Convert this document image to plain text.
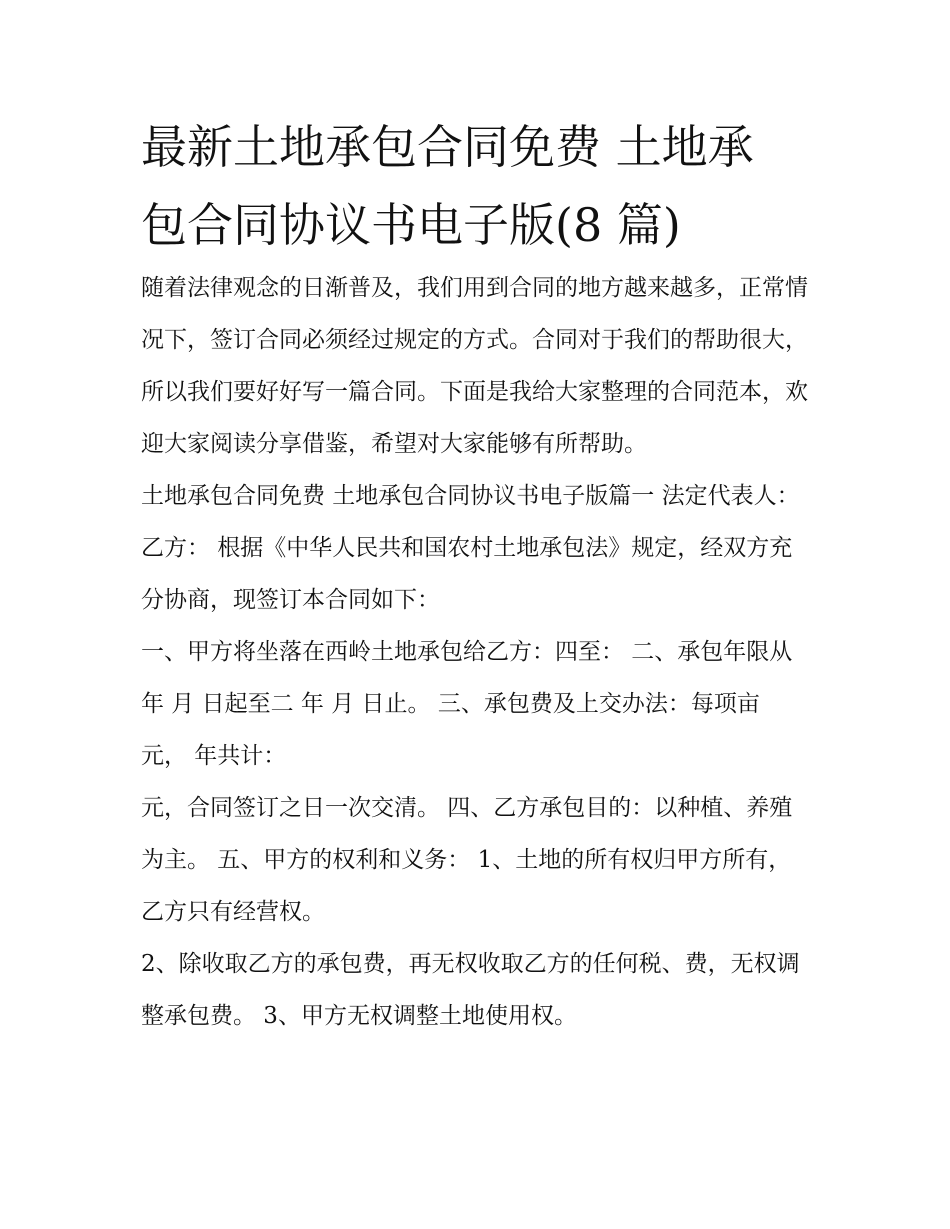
最新土地承包合同免费 土地承
包合同协议书电子版(8 篇)

随着法律观念的日渐普及，我们用到合同的地方越来越多，正常情况下，签订合同必须经过规定的方式。合同对于我们的帮助很大，所以我们要好好写一篇合同。下面是我给大家整理的合同范本，欢迎大家阅读分享借鉴，希望对大家能够有所帮助。

土地承包合同免费 土地承包合同协议书电子版篇一 法定代表人： 乙方： 根据《中华人民共和国农村土地承包法》规定，经双方充分协商，现签订本合同如下：

一、甲方将坐落在西岭土地承包给乙方：四至： 二、承包年限从 年 月 日起至二 年 月 日止。 三、承包费及上交办法：每项亩 元， 年共计：

元，合同签订之日一次交清。 四、乙方承包目的：以种植、养殖为主。 五、甲方的权利和义务： 1、土地的所有权归甲方所有，乙方只有经营权。

2、除收取乙方的承包费，再无权收取乙方的任何税、费，无权调整承包费。 3、甲方无权调整土地使用权。
